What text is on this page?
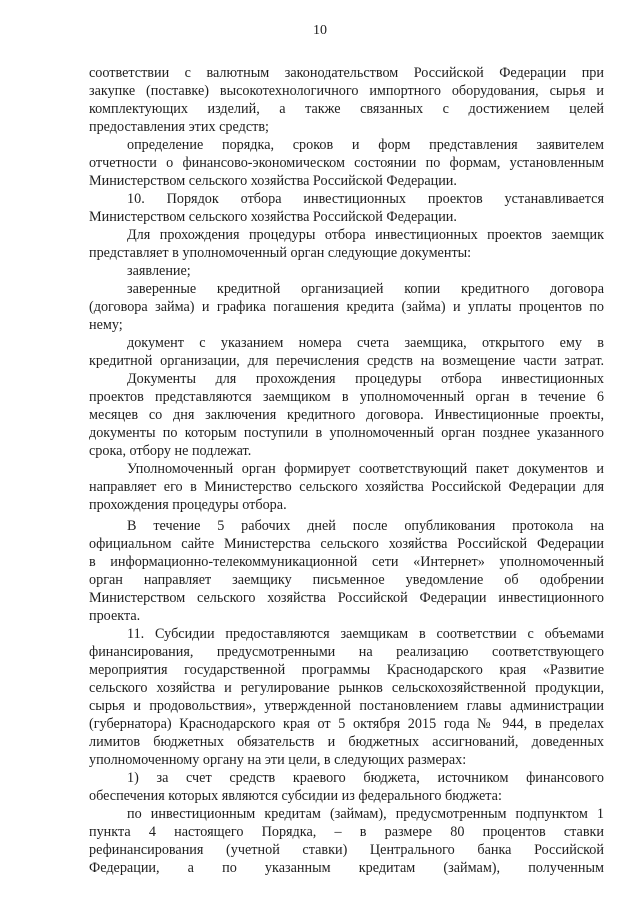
10
соответствии с валютным законодательством Российской Федерации при
закупке (поставке) высокотехнологичного импортного оборудования, сырья и
комплектующих изделий, а также связанных с достижением целей
предоставления этих средств;
определение порядка, сроков и форм представления заявителем
отчетности о финансово-экономическом состоянии по формам, установленным
Министерством сельского хозяйства Российской Федерации.
10. Порядок отбора инвестиционных проектов устанавливается
Министерством сельского хозяйства Российской Федерации.
Для прохождения процедуры отбора инвестиционных проектов заемщик
представляет в уполномоченный орган следующие документы:
заявление;
заверенные кредитной организацией копии кредитного договора
(договора займа) и графика погашения кредита (займа) и уплаты процентов по
нему;
документ с указанием номера счета заемщика, открытого ему в
кредитной организации, для перечисления средств на возмещение части затрат.
Документы для прохождения процедуры отбора инвестиционных
проектов представляются заемщиком в уполномоченный орган в течение 6
месяцев со дня заключения кредитного договора. Инвестиционные проекты,
документы по которым поступили в уполномоченный орган позднее указанного
срока, отбору не подлежат.
Уполномоченный орган формирует соответствующий пакет документов и
направляет его в Министерство сельского хозяйства Российской Федерации для
прохождения процедуры отбора.
В течение 5 рабочих дней после опубликования протокола на
официальном сайте Министерства сельского хозяйства Российской Федерации
в информационно-телекоммуникационной сети «Интернет» уполномоченный
орган направляет заемщику письменное уведомление об одобрении
Министерством сельского хозяйства Российской Федерации инвестиционного
проекта.
11. Субсидии предоставляются заемщикам в соответствии с объемами
финансирования, предусмотренными на реализацию соответствующего
мероприятия государственной программы Краснодарского края «Развитие
сельского хозяйства и регулирование рынков сельскохозяйственной продукции,
сырья и продовольствия», утвержденной постановлением главы администрации
(губернатора) Краснодарского края от 5 октября 2015 года № 944, в пределах
лимитов бюджетных обязательств и бюджетных ассигнований, доведенных
уполномоченному органу на эти цели, в следующих размерах:
1) за счет средств краевого бюджета, источником финансового
обеспечения которых являются субсидии из федерального бюджета:
по инвестиционным кредитам (займам), предусмотренным подпунктом 1
пункта 4 настоящего Порядка, – в размере 80 процентов ставки
рефинансирования (учетной ставки) Центрального банка Российской
Федерации, а по указанным кредитам (займам), полученным
